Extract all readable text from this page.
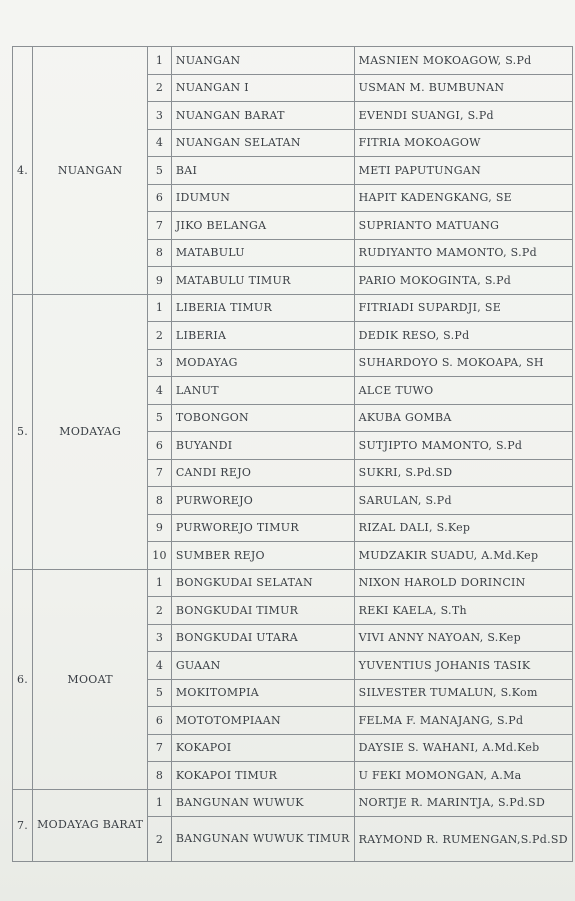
4.	NUANGAN	1	NUANGAN	MASNIEN MOKOAGOW, S.Pd
		2	NUANGAN I	USMAN M. BUMBUNAN
		3	NUANGAN BARAT	EVENDI SUANGI, S.Pd
		4	NUANGAN SELATAN	FITRIA MOKOAGOW
		5	BAI	METI PAPUTUNGAN
		6	IDUMUN	HAPIT KADENGKANG, SE
		7	JIKO BELANGA	SUPRIANTO MATUANG
		8	MATABULU	RUDIYANTO MAMONTO, S.Pd
		9	MATABULU TIMUR	PARIO MOKOGINTA, S.Pd
5.	MODAYAG	1	LIBERIA TIMUR	FITRIADI SUPARDJI, SE
		2	LIBERIA	DEDIK RESO, S.Pd
		3	MODAYAG	SUHARDOYO S. MOKOAPA, SH
		4	LANUT	ALCE TUWO
		5	TOBONGON	AKUBA GOMBA
		6	BUYANDI	SUTJIPTO MAMONTO, S.Pd
		7	CANDI REJO	SUKRI, S.Pd.SD
		8	PURWOREJO	SARULAN, S.Pd
		9	PURWOREJO TIMUR	RIZAL DALI, S.Kep
		10	SUMBER REJO	MUDZAKIR SUADU, A.Md.Kep
6.	MOOAT	1	BONGKUDAI SELATAN	NIXON HAROLD DORINCIN
		2	BONGKUDAI TIMUR	REKI KAELA, S.Th
		3	BONGKUDAI UTARA	VIVI ANNY NAYOAN, S.Kep
		4	GUAAN	YUVENTIUS JOHANIS TASIK
		5	MOKITOMPIA	SILVESTER TUMALUN, S.Kom
		6	MOTOTOMPIAAN	FELMA F. MANAJANG, S.Pd
		7	KOKAPOI	DAYSIE S. WAHANI, A.Md.Keb
		8	KOKAPOI TIMUR	U FEKI MOMONGAN, A.Ma
7.	MODAYAG BARAT	1	BANGUNAN WUWUK	NORTJE R. MARINTJA, S.Pd.SD
		2	BANGUNAN WUWUK TIMUR	RAYMOND R. RUMENGAN,S.Pd.SD
